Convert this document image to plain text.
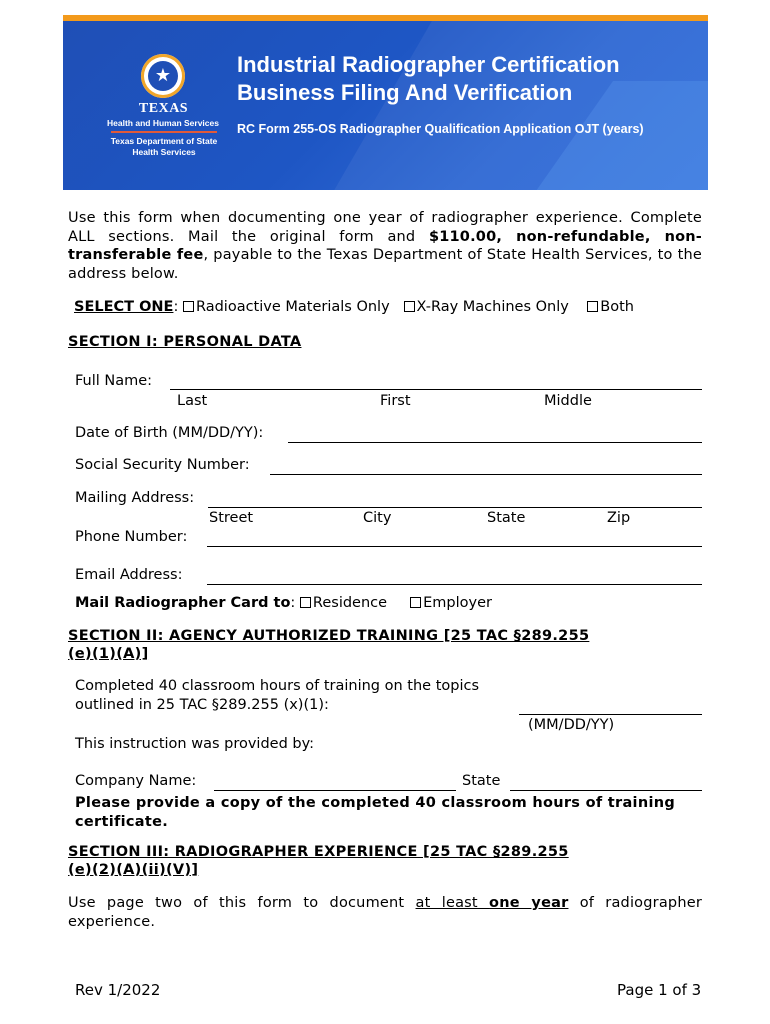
★
TEXAS
Health and Human Services
Texas Department of State Health Services
Industrial Radiographer Certification
Business Filing And Verification
RC Form 255-OS Radiographer Qualification Application OJT (years)
Use this form when documenting one year of radiographer experience. Complete ALL sections. Mail the original form and $110.00, non-refundable, non-transferable fee, payable to the Texas Department of State Health Services, to the address below.
SELECT ONE: Radioactive Materials Only X-Ray Machines Only Both
SECTION I: PERSONAL DATA
Full Name:
Last	First	Middle
Date of Birth (MM/DD/YY):
Social Security Number:
Mailing Address:
Street	City	State	Zip
Phone Number:
Email Address:
Mail Radiographer Card to: Residence Employer
SECTION II: AGENCY AUTHORIZED TRAINING [25 TAC §289.255
(e)(1)(A)]
Completed 40 classroom hours of training on the topics
outlined in 25 TAC §289.255 (x)(1):
(MM/DD/YY)
This instruction was provided by:
Company Name:	State
Please provide a copy of the completed 40 classroom hours of training certificate.
SECTION III: RADIOGRAPHER EXPERIENCE [25 TAC §289.255
(e)(2)(A)(ii)(V)]
Use page two of this form to document at least one year of radiographer experience.
Rev 1/2022	Page 1 of 3
